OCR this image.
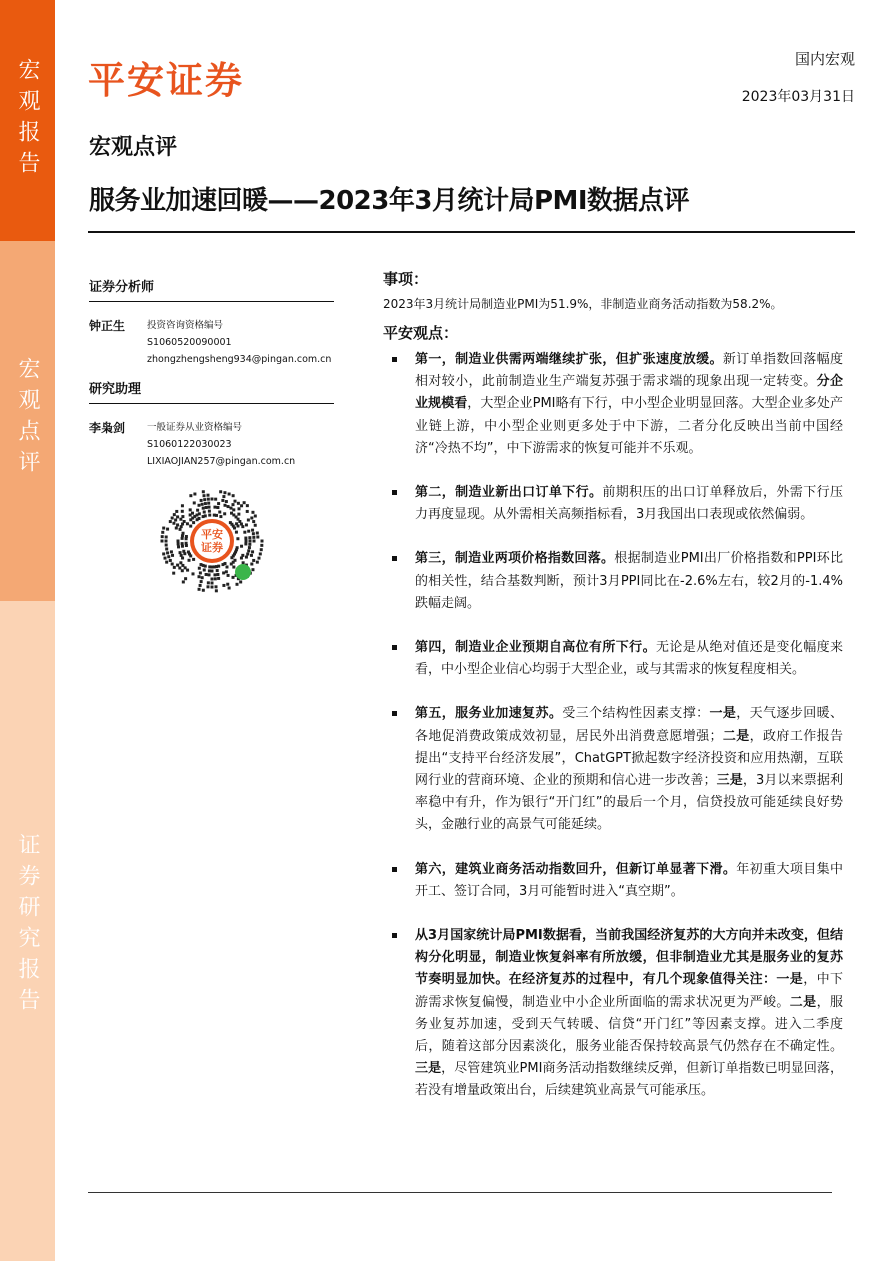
宏观报告
宏观点评
证券研究报告
平安证券	国内宏观
2023年03月31日
宏观点评
服务业加速回暖——2023年3月统计局PMI数据点评
证券分析师
钟正生	投资咨询资格编号
S1060520090001
zhongzhengsheng934@pingan.com.cn
研究助理
李枭剑	一般证券从业资格编号
S1060122030023
LIXIAOJIAN257@pingan.com.cn
平安
证券
事项：
2023年3月统计局制造业PMI为51.9%，非制造业商务活动指数为58.2%。
平安观点：
第一，制造业供需两端继续扩张，但扩张速度放缓。新订单指数回落幅度相对较小，此前制造业生产端复苏强于需求端的现象出现一定转变。分企业规模看，大型企业PMI略有下行，中小型企业明显回落。大型企业多处产业链上游，中小型企业则更多处于中下游，二者分化反映出当前中国经济“冷热不均”，中下游需求的恢复可能并不乐观。
第二，制造业新出口订单下行。前期积压的出口订单释放后，外需下行压力再度显现。从外需相关高频指标看，3月我国出口表现或依然偏弱。
第三，制造业两项价格指数回落。根据制造业PMI出厂价格指数和PPI环比的相关性，结合基数判断，预计3月PPI同比在-2.6%左右，较2月的-1.4%跌幅走阔。
第四，制造业企业预期自高位有所下行。无论是从绝对值还是变化幅度来看，中小型企业信心均弱于大型企业，或与其需求的恢复程度相关。
第五，服务业加速复苏。受三个结构性因素支撑：一是，天气逐步回暖、各地促消费政策成效初显，居民外出消费意愿增强；二是，政府工作报告提出“支持平台经济发展”，ChatGPT掀起数字经济投资和应用热潮，互联网行业的营商环境、企业的预期和信心进一步改善；三是，3月以来票据利率稳中有升，作为银行“开门红”的最后一个月，信贷投放可能延续良好势头，金融行业的高景气可能延续。
第六，建筑业商务活动指数回升，但新订单显著下滑。年初重大项目集中开工、签订合同，3月可能暂时进入“真空期”。
从3月国家统计局PMI数据看，当前我国经济复苏的大方向并未改变，但结构分化明显，制造业恢复斜率有所放缓，但非制造业尤其是服务业的复苏节奏明显加快。在经济复苏的过程中，有几个现象值得关注：一是，中下游需求恢复偏慢，制造业中小企业所面临的需求状况更为严峻。二是，服务业复苏加速，受到天气转暖、信贷“开门红”等因素支撑。进入二季度后，随着这部分因素淡化，服务业能否保持较高景气仍然存在不确定性。三是，尽管建筑业PMI商务活动指数继续反弹，但新订单指数已明显回落，若没有增量政策出台，后续建筑业高景气可能承压。
